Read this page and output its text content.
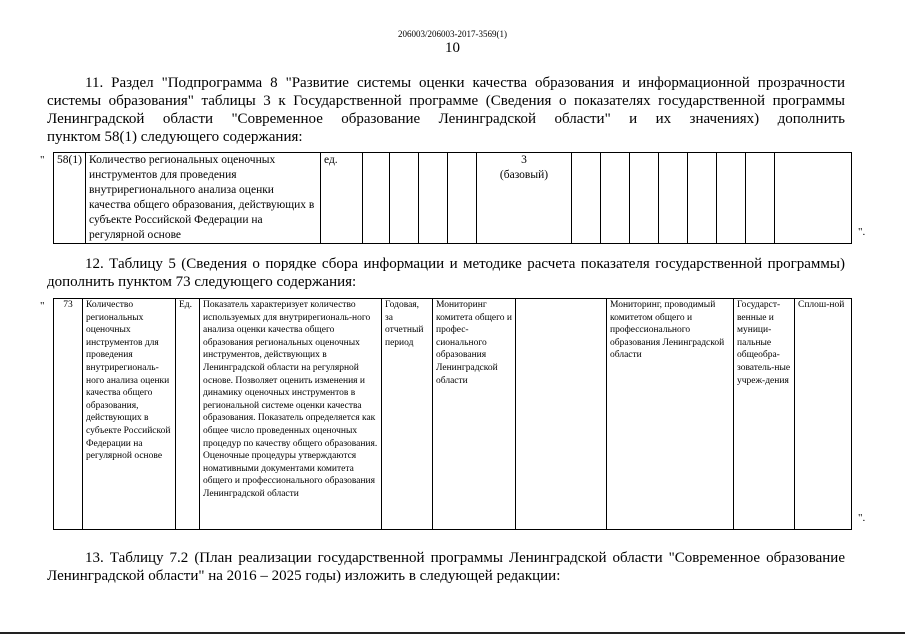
206003/206003-2017-3569(1)
10
11. Раздел "Подпрограмма 8 "Развитие системы оценки качества образования и информационной прозрачности
системы образования" таблицы 3 к Государственной программе (Сведения о показателях государственной программы
Ленинградской области "Современное образование Ленинградской области" и их значениях) дополнить
пунктом 58(1) следующего содержания:
" 58(1)	Количество региональных оценочных инструментов для проведения внутрирегионального анализа оценки качества общего образования, действующих в субъекте Российской Федерации на регулярной основе	ед.					3
(базовый)

".
12. Таблицу 5 (Сведения о порядке сбора информации и методике расчета показателя государственной программы)
дополнить пунктом 73 следующего содержания:
" 73	Количество региональных оценочных инструментов для проведения внутрирегиональ-ного анализа оценки качества общего образования, действующих в субъекте Российской Федерации на регулярной основе	Ед.	Показатель характеризует количество используемых для внутрирегиональ-ного анализа оценки качества общего образования региональных оценочных инструментов, действующих в Ленинградской области на регулярной основе. Позволяет оценить изменения и динамику оценочных инструментов в региональной системе оценки качества образования. Показатель определяется как общее число проведенных оценочных процедур по качеству общего образования. Оценочные процедуры утверждаются номативными документами комитета общего и профессионального образования Ленинградской области	Годовая, за отчетный период	Мониторинг комитета общего и профес-сионального образования Ленинградской области		Мониторинг, проводимый комитетом общего и профессионального образования Ленинградской области	Государст-венные и муници-пальные общеобра-зователь-ные учреж-дения	Сплош-ной
".
13. Таблицу 7.2 (План реализации государственной программы Ленинградской области "Современное образование
Ленинградской области" на 2016 – 2025 годы) изложить в следующей редакции:
